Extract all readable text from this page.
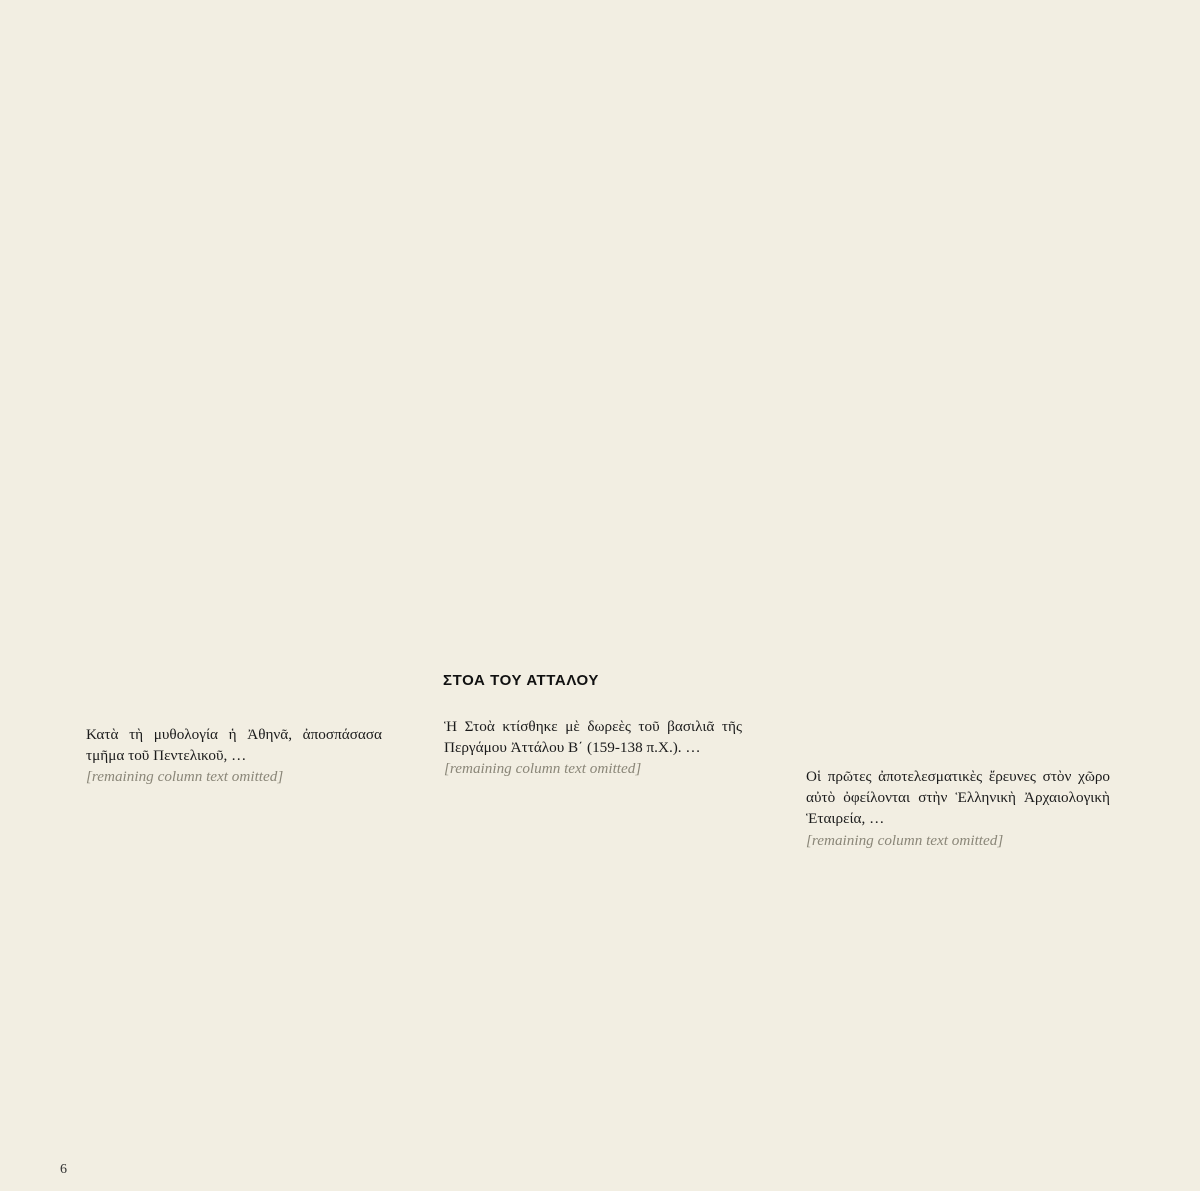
ΣΤΟΑ ΤΟΥ ΑΤΤΑΛΟΥ

Κατὰ τὴ μυθολογία ἡ Ἀθηνᾶ, ἀποσπάσασα τμῆμα τοῦ Πεντελικοῦ, …

[remaining column text omitted]

Ἡ Στοὰ κτίσθηκε μὲ δωρεὲς τοῦ βασιλιᾶ τῆς Περγάμου Ἀττάλου Β΄ (159-138 π.Χ.). …

[remaining column text omitted]	Οἱ πρῶτες ἀποτελεσματικὲς ἔρευνες στὸν χῶρο αὐτὸ ὀφείλονται στὴν Ἑλληνικὴ Ἀρχαιολογικὴ Ἑταιρεία, …

[remaining column text omitted]

6
